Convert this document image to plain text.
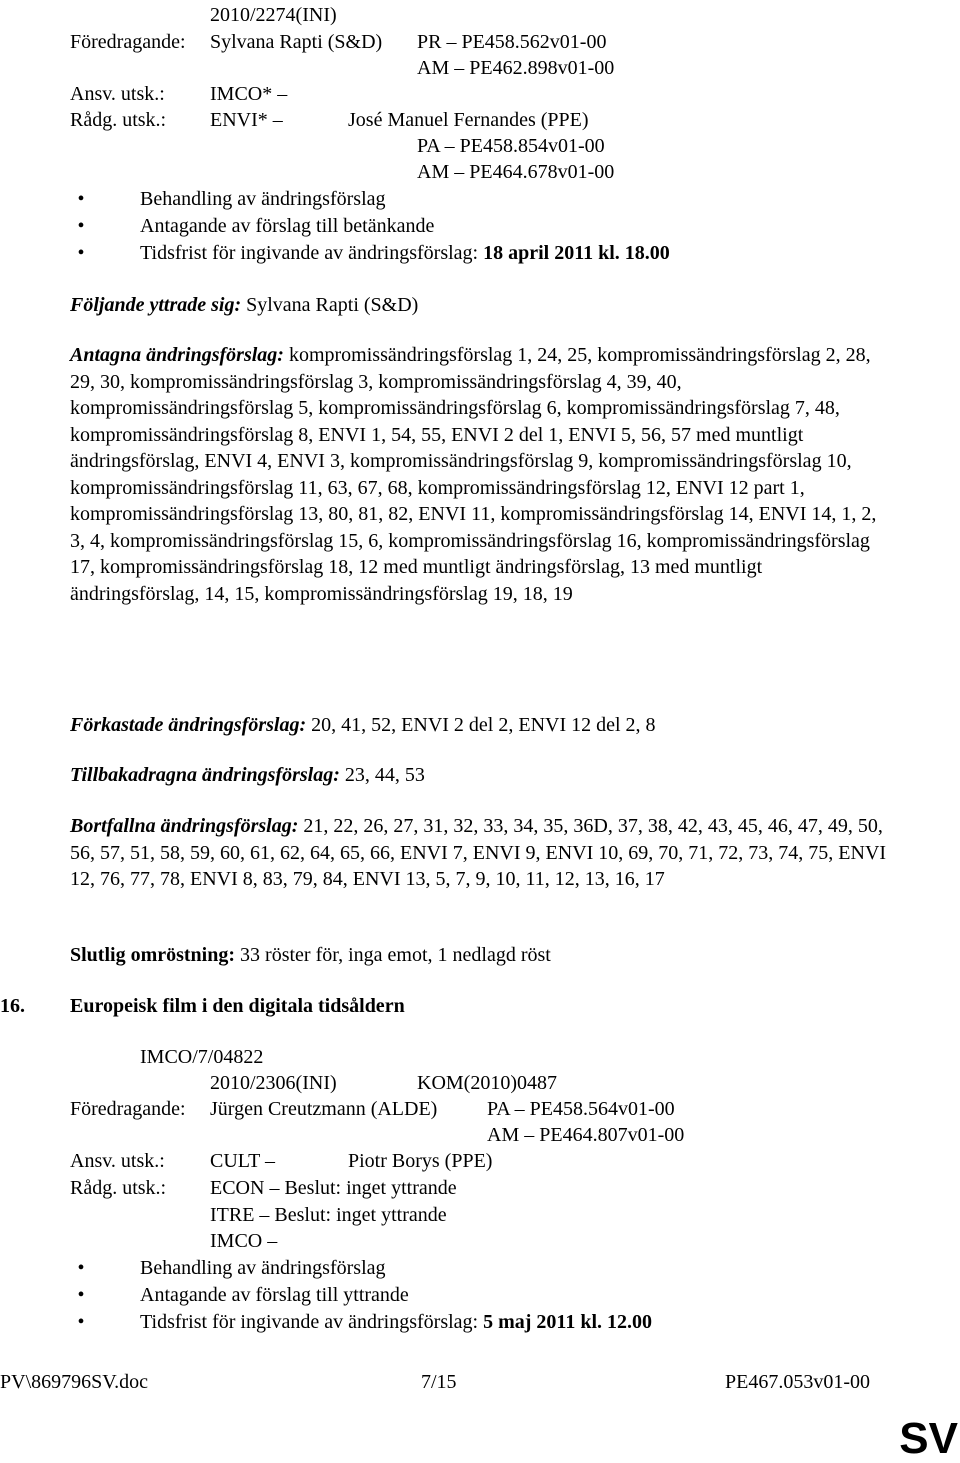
2010/2274(INI)
Föredragande: Sylvana Rapti (S&D) PR – PE458.562v01-00
AM – PE462.898v01-00
Ansv. utsk.: IMCO* –
Rådg. utsk.: ENVI* –	José Manuel Fernandes (PPE)
PA – PE458.854v01-00
AM – PE464.678v01-00
•	Behandling av ändringsförslag
•	Antagande av förslag till betänkande
•	Tidsfrist för ingivande av ändringsförslag: 18 april 2011 kl. 18.00
Följande yttrade sig: Sylvana Rapti (S&D)
Antagna ändringsförslag: kompromissändringsförslag 1, 24, 25, kompromissändringsförslag 2, 28, 29, 30, kompromissändringsförslag 3, kompromissändringsförslag 4, 39, 40, kompromissändringsförslag 5, kompromissändringsförslag 6, kompromissändringsförslag 7, 48, kompromissändringsförslag 8, ENVI 1, 54, 55, ENVI 2 del 1, ENVI 5, 56, 57 med muntligt ändringsförslag, ENVI 4, ENVI 3, kompromissändringsförslag 9, kompromissändringsförslag 10, kompromissändringsförslag 11, 63, 67, 68, kompromissändringsförslag 12, ENVI 12 part 1, kompromissändringsförslag 13, 80, 81, 82, ENVI 11, kompromissändringsförslag 14, ENVI 14, 1, 2, 3, 4, kompromissändringsförslag 15, 6, kompromissändringsförslag 16, kompromissändringsförslag 17, kompromissändringsförslag 18, 12 med muntligt ändringsförslag, 13 med muntligt ändringsförslag, 14, 15, kompromissändringsförslag 19, 18, 19
Förkastade ändringsförslag: 20, 41, 52, ENVI 2 del 2, ENVI 12 del 2, 8
Tillbakadragna ändringsförslag: 23, 44, 53
Bortfallna ändringsförslag: 21, 22, 26, 27, 31, 32, 33, 34, 35, 36D, 37, 38, 42, 43, 45, 46, 47, 49, 50, 56, 57, 51, 58, 59, 60, 61, 62, 64, 65, 66, ENVI 7, ENVI 9, ENVI 10, 69, 70, 71, 72, 73, 74, 75, ENVI 12, 76, 77, 78, ENVI 8, 83, 79, 84, ENVI 13, 5, 7, 9, 10, 11, 12, 13, 16, 17
Slutlig omröstning: 33 röster för, inga emot, 1 nedlagd röst
16. Europeisk film i den digitala tidsåldern
IMCO/7/04822
2010/2306(INI)	KOM(2010)0487
Föredragande: Jürgen Creutzmann (ALDE) PA – PE458.564v01-00
AM – PE464.807v01-00
Ansv. utsk.: CULT –	Piotr Borys (PPE)
Rådg. utsk.: ECON – Beslut: inget yttrande
ITRE – Beslut: inget yttrande
IMCO –
•	Behandling av ändringsförslag
•	Antagande av förslag till yttrande
•	Tidsfrist för ingivande av ändringsförslag: 5 maj 2011 kl. 12.00
PV\869796SV.doc	7/15	PE467.053v01-00
SV
